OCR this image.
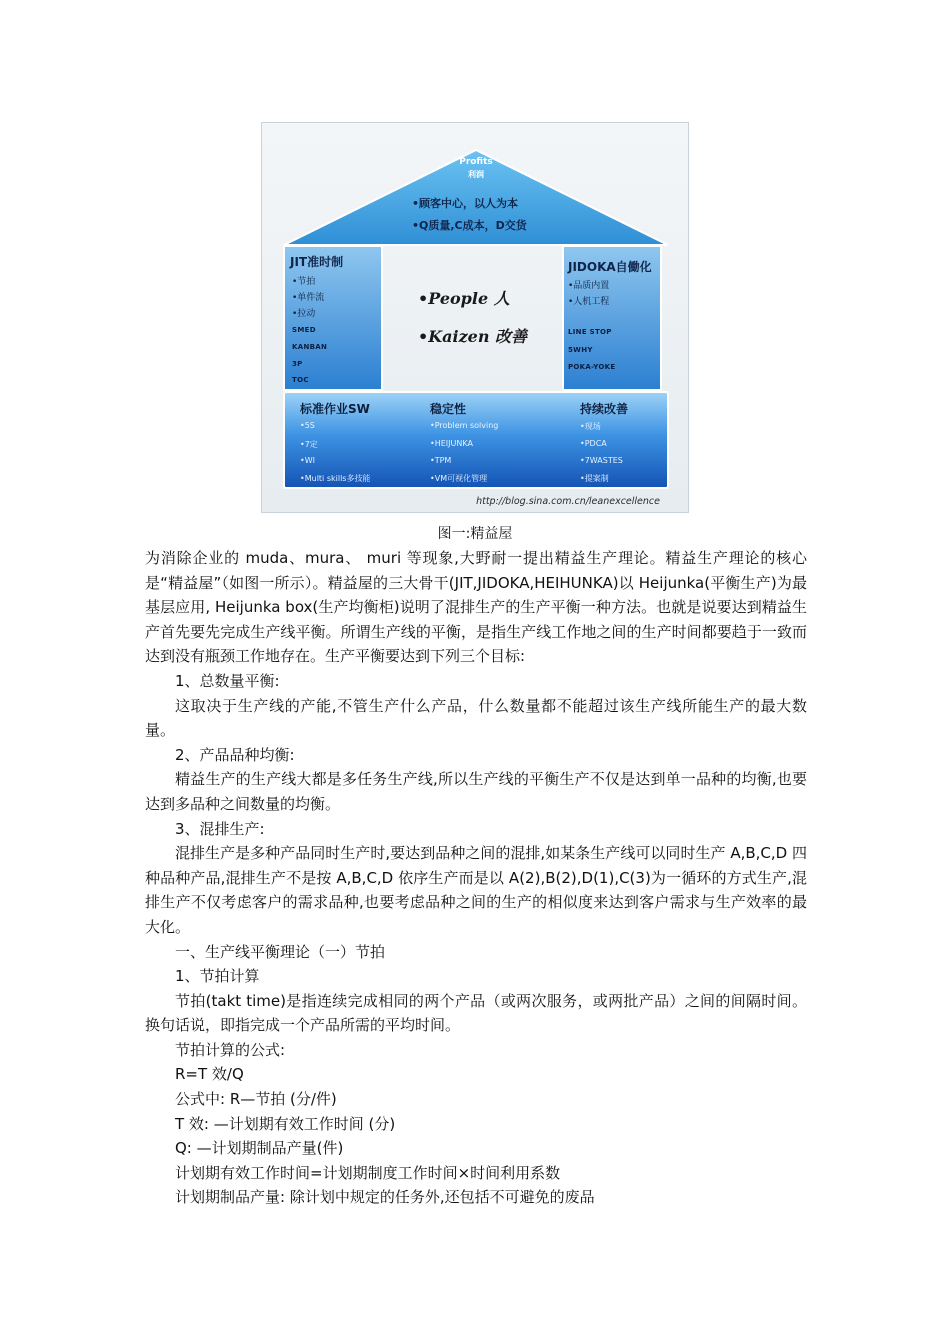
Profits
利润
•顾客中心，以人为本
•Q质量,C成本，D交货
JIT准时制
•节拍
•单件流
•拉动
SMED
KANBAN
3P
TOC
JIDOKA自働化
•品质内置
•人机工程
LINE STOP
5WHY
POKA-YOKE
•People 人
•Kaizen 改善
标准作业SW
•5S
•7定
•WI
•Multi skills多技能
稳定性
•Problem solving
•HEIJUNKA
•TPM
•VM可视化管理
持续改善
•现场
•PDCA
•7WASTES
•提案制
http://blog.sina.com.cn/leanexcellence
图一:精益屋

为消除企业的 muda、mura、 muri 等现象,大野耐一提出精益生产理论。精益生产理论的核心是“精益屋”（如图一所示）。精益屋的三大骨干(JIT,JIDOKA,HEIHUNKA)以 Heijunka(平衡生产)为最基层应用, Heijunka box(生产均衡柜)说明了混排生产的生产平衡一种方法。也就是说要达到精益生产首先要先完成生产线平衡。所谓生产线的平衡，是指生产线工作地之间的生产时间都要趋于一致而达到没有瓶颈工作地存在。生产平衡要达到下列三个目标:

1、总数量平衡:

这取决于生产线的产能,不管生产什么产品，什么数量都不能超过该生产线所能生产的最大数量。

2、产品品种均衡:

精益生产的生产线大都是多任务生产线,所以生产线的平衡生产不仅是达到单一品种的均衡,也要达到多品种之间数量的均衡。

3、混排生产:

混排生产是多种产品同时生产时,要达到品种之间的混排,如某条生产线可以同时生产 A,B,C,D 四种品种产品,混排生产不是按 A,B,C,D 依序生产而是以 A(2),B(2),D(1),C(3)为一循环的方式生产,混排生产不仅考虑客户的需求品种,也要考虑品种之间的生产的相似度来达到客户需求与生产效率的最大化。

一、生产线平衡理论（一）节拍

1、节拍计算

节拍(takt time)是指连续完成相同的两个产品（或两次服务，或两批产品）之间的间隔时间。换句话说，即指完成一个产品所需的平均时间。

节拍计算的公式:

R=T 效/Q

公式中: R—节拍 (分/件)

T 效: —计划期有效工作时间 (分)

Q: —计划期制品产量(件)

计划期有效工作时间=计划期制度工作时间×时间利用系数

计划期制品产量: 除计划中规定的任务外,还包括不可避免的废品
